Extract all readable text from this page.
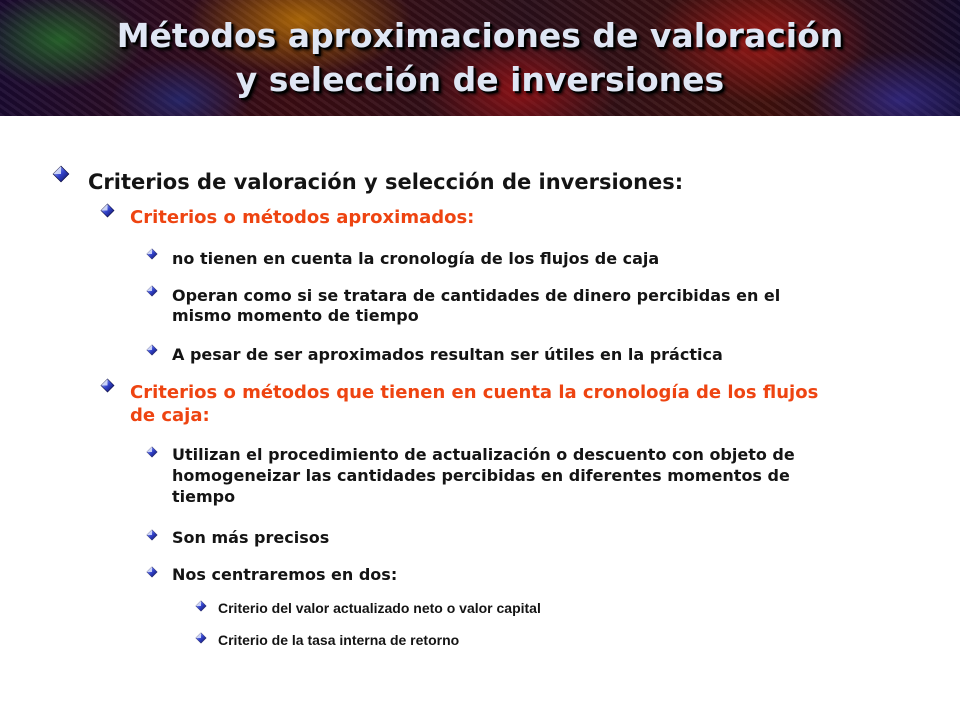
Métodos aproximaciones de valoración
y selección de inversiones
Criterios de valoración y selección de inversiones:
Criterios o métodos aproximados:
no tienen en cuenta la cronología de los flujos de caja
Operan como si se tratara de cantidades de dinero percibidas en el
mismo momento de tiempo
A pesar de ser aproximados resultan ser útiles en la práctica
Criterios o métodos que tienen en cuenta la cronología de los flujos
de caja:
Utilizan el procedimiento de actualización o descuento con objeto de
homogeneizar las cantidades percibidas en diferentes momentos de
tiempo
Son más precisos
Nos centraremos en dos:
Criterio del valor actualizado neto o valor capital
Criterio de la tasa interna de retorno
